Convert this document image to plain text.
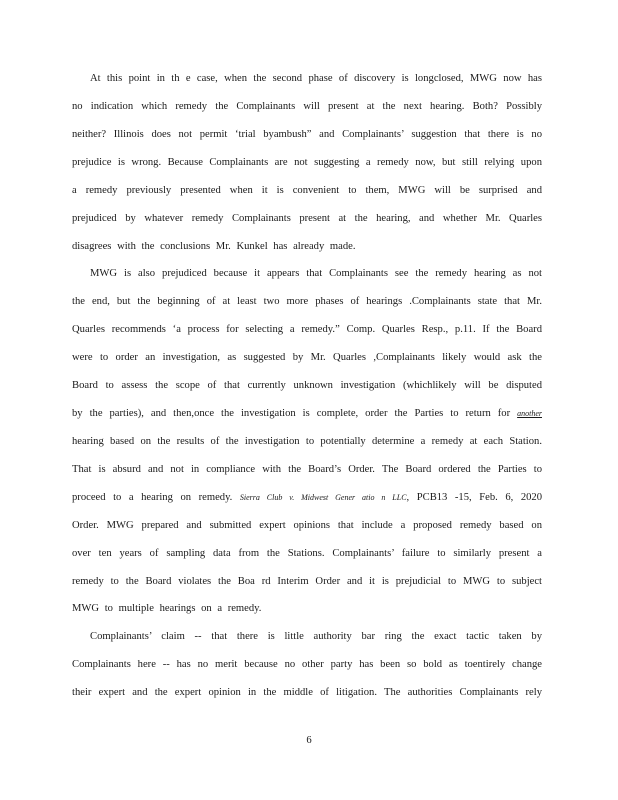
At this point in th e case, when the second phase of discovery is longclosed, MWG now has
no indication which remedy the Complainants will present at the next hearing. Both? Possibly
neither? Illinois does not permit ‘trial byambush” and Complainants’ suggestion that there is no
prejudice is wrong. Because Complainants are not suggesting a remedy now, but still relying upon
a remedy previously presented when it is convenient to them, MWG will be surprised and
prejudiced by whatever remedy Complainants present at the hearing, and whether Mr. Quarles
disagrees with the conclusions Mr. Kunkel has already made.
MWG is also prejudiced because it appears that Complainants see the remedy hearing as not
the end, but the beginning of at least two more phases of hearings .Complainants state that Mr.
Quarles recommends ‘a process for selecting a remedy.” Comp. Quarles Resp., p.11. If the Board
were to order an investigation, as suggested by Mr. Quarles ,Complainants likely would ask the
Board to assess the scope of that currently unknown investigation (whichlikely will be disputed
by the parties), and then,once the investigation is complete, order the Parties to return for another
hearing based on the results of the investigation to potentially determine a remedy at each Station.
That is absurd and not in compliance with the Board’s Order. The Board ordered the Parties to
proceed to a hearing on remedy. Sierra Club v. Midwest Gener atio n LLC, PCB13 -15, Feb. 6, 2020
Order. MWG prepared and submitted expert opinions that include a proposed remedy based on
over ten years of sampling data from the Stations. Complainants’ failure to similarly present a
remedy to the Board violates the Boa rd Interim Order and it is prejudicial to MWG to subject
MWG to multiple hearings on a remedy.
Complainants’ claim -- that there is little authority bar ring the exact tactic taken by
Complainants here -- has no merit because no other party has been so bold as toentirely change
their expert and the expert opinion in the middle of litigation. The authorities Complainants rely
6
